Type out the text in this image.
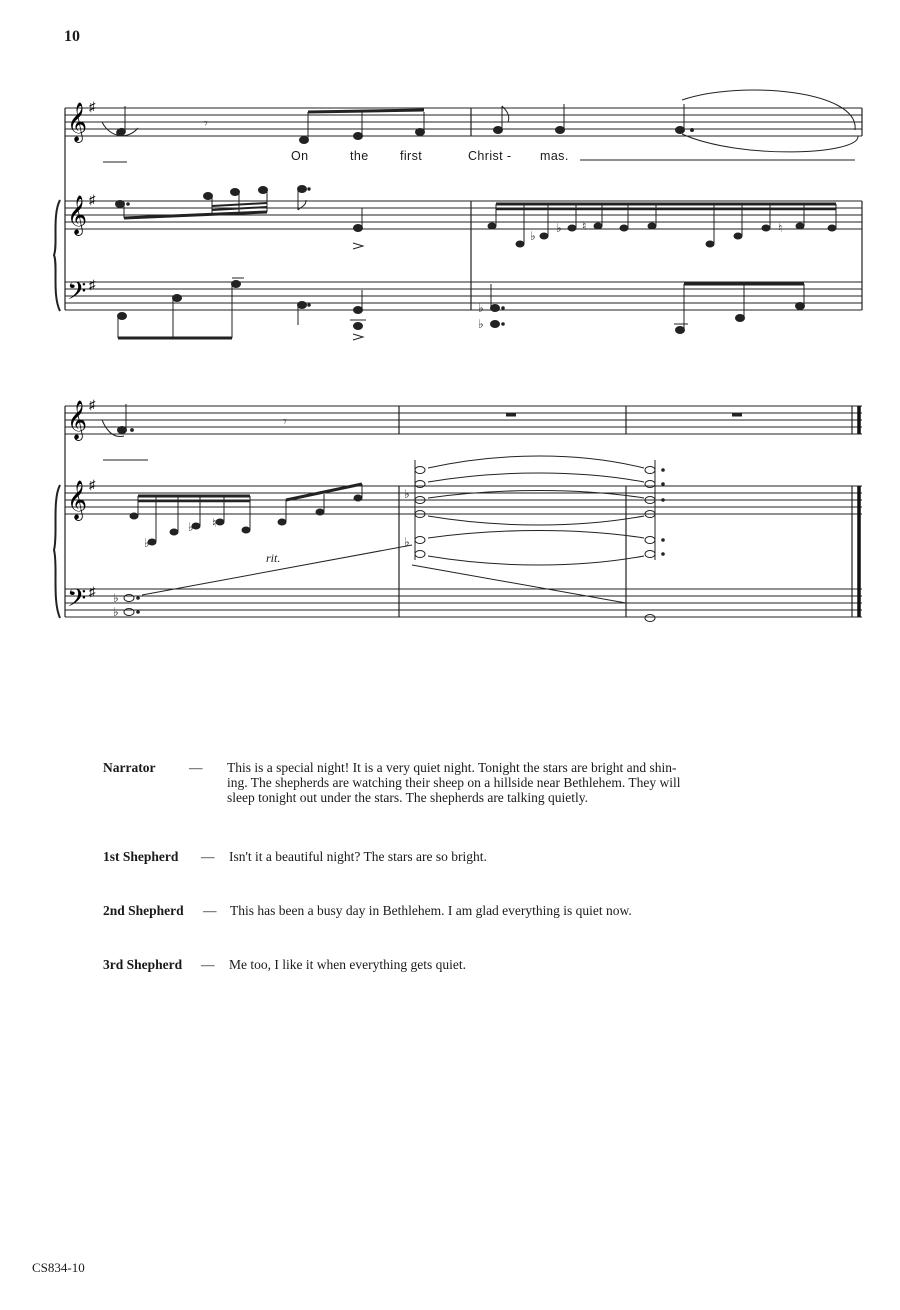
10
𝄞
𝄞
𝄢
♯
♯
♯
𝄾
♭
♭ ♮	♮
♭
♭
𝄞
𝄞
𝄢
♯
♯
♯
𝄾
♭
♭ ♮
♭
♭
♭
♭
On	the	first	Christ - mas.
rit.
Narrator — This is a special night! It is a very quiet night. Tonight the stars are bright and shin-
ing. The shepherds are watching their sheep on a hillside near Bethlehem. They will
sleep tonight out under the stars. The shepherds are talking quietly.
1st Shepherd — Isn't it a beautiful night? The stars are so bright.
2nd Shepherd — This has been a busy day in Bethlehem. I am glad everything is quiet now.
3rd Shepherd — Me too, I like it when everything gets quiet.
CS834-10
